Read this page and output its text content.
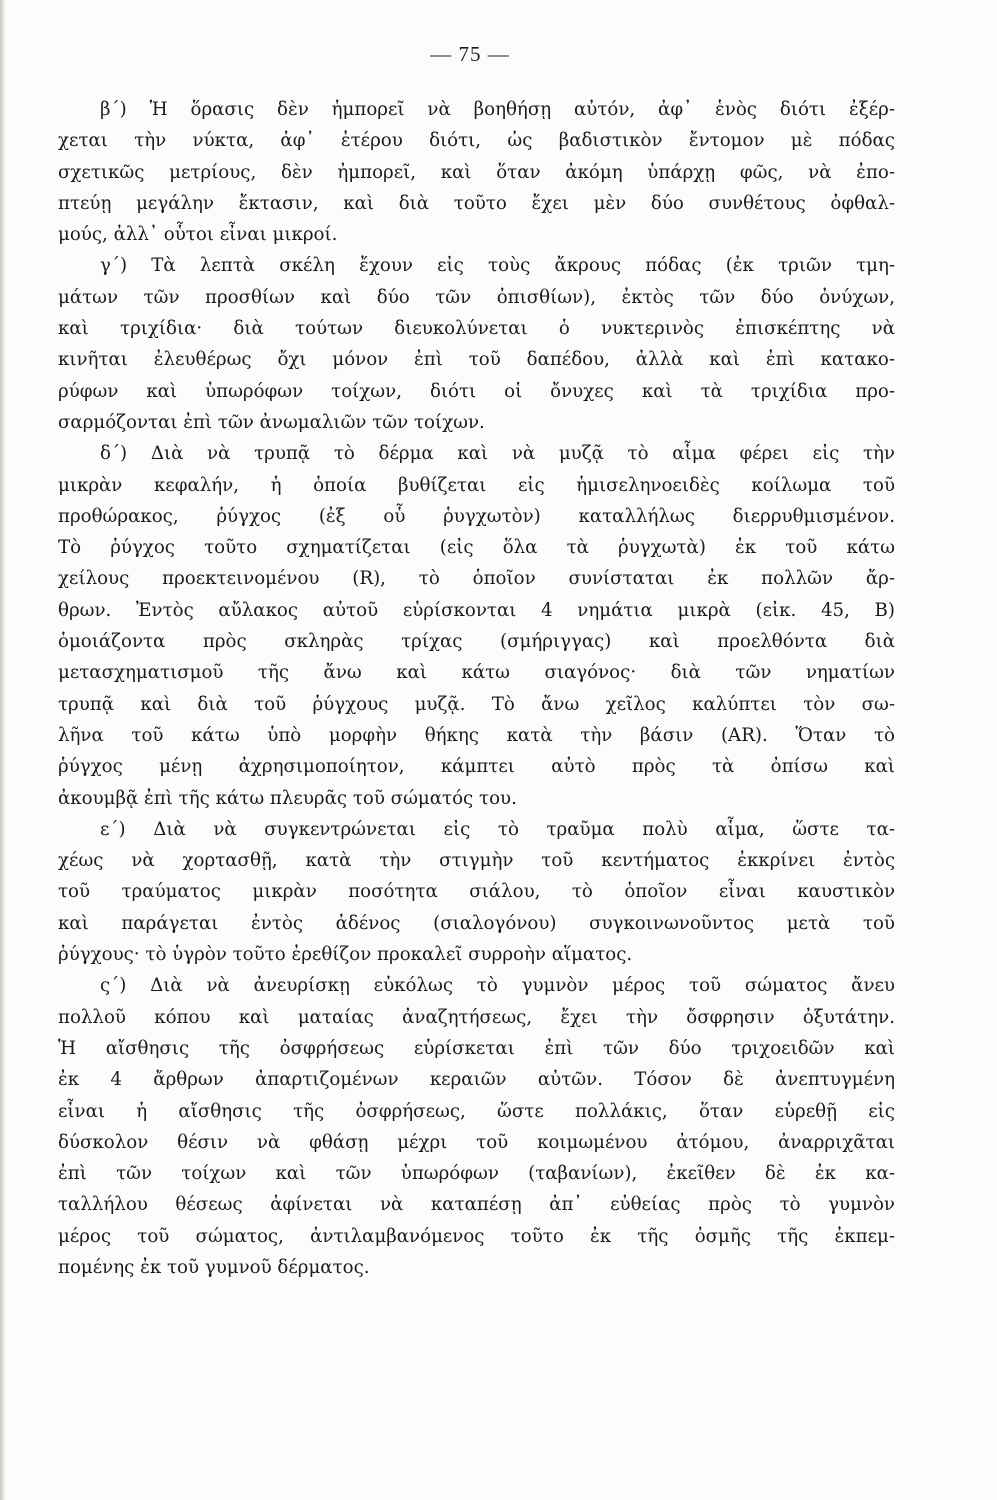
— 75 —
β΄) Ἡ ὅρασις δὲν ἠμπορεῖ νὰ βοηθήσῃ αὐτόν, ἀφ᾽ ἑνὸς διότι ἐξέρ-
χεται τὴν νύκτα, ἀφ᾽ ἑτέρου διότι, ὡς βαδιστικὸν ἔντομον μὲ πόδας
σχετικῶς μετρίους, δὲν ἠμπορεῖ, καὶ ὅταν ἀκόμη ὑπάρχῃ φῶς, νὰ ἐπο-
πτεύῃ μεγάλην ἔκτασιν, καὶ διὰ τοῦτο ἔχει μὲν δύο συνθέτους ὀφθαλ-
μούς, ἀλλ᾽ οὗτοι εἶναι μικροί.
γ΄) Τὰ λεπτὰ σκέλη ἔχουν εἰς τοὺς ἄκρους πόδας (ἐκ τριῶν τμη-
μάτων τῶν προσθίων καὶ δύο τῶν ὀπισθίων), ἐκτὸς τῶν δύο ὀνύχων,
καὶ τριχίδια· διὰ τούτων διευκολύνεται ὁ νυκτερινὸς ἐπισκέπτης νὰ
κινῆται ἐλευθέρως ὄχι μόνον ἐπὶ τοῦ δαπέδου, ἀλλὰ καὶ ἐπὶ κατακο-
ρύφων καὶ ὑπωρόφων τοίχων, διότι οἱ ὄνυχες καὶ τὰ τριχίδια προ-
σαρμόζονται ἐπὶ τῶν ἀνωμαλιῶν τῶν τοίχων.
δ΄) Διὰ νὰ τρυπᾷ τὸ δέρμα καὶ νὰ μυζᾷ τὸ αἷμα φέρει εἰς τὴν
μικρὰν κεφαλήν, ἡ ὁποία βυθίζεται εἰς ἡμισεληνοειδὲς κοίλωμα τοῦ
προθώρακος, ῥύγχος (ἐξ οὗ ῥυγχωτὸν) καταλλήλως διερρυθμισμένον.
Τὸ ῥύγχος τοῦτο σχηματίζεται (εἰς ὅλα τὰ ῥυγχωτὰ) ἐκ τοῦ κάτω
χείλους προεκτεινομένου (R), τὸ ὁποῖον συνίσταται ἐκ πολλῶν ἄρ-
θρων. Ἐντὸς αὔλακος αὐτοῦ εὑρίσκονται 4 νημάτια μικρὰ (εἰκ. 45, Β)
ὁμοιάζοντα πρὸς σκληρὰς τρίχας (σμήριγγας) καὶ προελθόντα διὰ
μετασχηματισμοῦ τῆς ἄνω καὶ κάτω σιαγόνος· διὰ τῶν νηματίων
τρυπᾷ καὶ διὰ τοῦ ῥύγχους μυζᾷ. Τὸ ἄνω χεῖλος καλύπτει τὸν σω-
λῆνα τοῦ κάτω ὑπὸ μορφὴν θήκης κατὰ τὴν βάσιν (AR). Ὅταν τὸ
ῥύγχος μένῃ ἀχρησιμοποίητον, κάμπτει αὐτὸ πρὸς τὰ ὀπίσω καὶ
ἀκουμβᾷ ἐπὶ τῆς κάτω πλευρᾶς τοῦ σώματός του.
ε΄) Διὰ νὰ συγκεντρώνεται εἰς τὸ τραῦμα πολὺ αἷμα, ὥστε τα-
χέως νὰ χορτασθῇ, κατὰ τὴν στιγμὴν τοῦ κεντήματος ἐκκρίνει ἐντὸς
τοῦ τραύματος μικρὰν ποσότητα σιάλου, τὸ ὁποῖον εἶναι καυστικὸν
καὶ παράγεται ἐντὸς ἀδένος (σιαλογόνου) συγκοινωνοῦντος μετὰ τοῦ
ῥύγχους· τὸ ὑγρὸν τοῦτο ἐρεθίζον προκαλεῖ συρροὴν αἵματος.
ς΄) Διὰ νὰ ἀνευρίσκῃ εὐκόλως τὸ γυμνὸν μέρος τοῦ σώματος ἄνευ
πολλοῦ κόπου καὶ ματαίας ἀναζητήσεως, ἔχει τὴν ὄσφρησιν ὀξυτάτην.
Ἡ αἴσθησις τῆς ὀσφρήσεως εὑρίσκεται ἐπὶ τῶν δύο τριχοειδῶν καὶ
ἐκ 4 ἄρθρων ἀπαρτιζομένων κεραιῶν αὐτῶν. Τόσον δὲ ἀνεπτυγμένη
εἶναι ἡ αἴσθησις τῆς ὀσφρήσεως, ὥστε πολλάκις, ὅταν εὑρεθῇ εἰς
δύσκολον θέσιν νὰ φθάσῃ μέχρι τοῦ κοιμωμένου ἀτόμου, ἀναρριχᾶται
ἐπὶ τῶν τοίχων καὶ τῶν ὑπωρόφων (ταβανίων), ἐκεῖθεν δὲ ἐκ κα-
ταλλήλου θέσεως ἀφίνεται νὰ καταπέσῃ ἀπ᾽ εὐθείας πρὸς τὸ γυμνὸν
μέρος τοῦ σώματος, ἀντιλαμβανόμενος τοῦτο ἐκ τῆς ὀσμῆς τῆς ἐκπεμ-
πομένης ἐκ τοῦ γυμνοῦ δέρματος.
